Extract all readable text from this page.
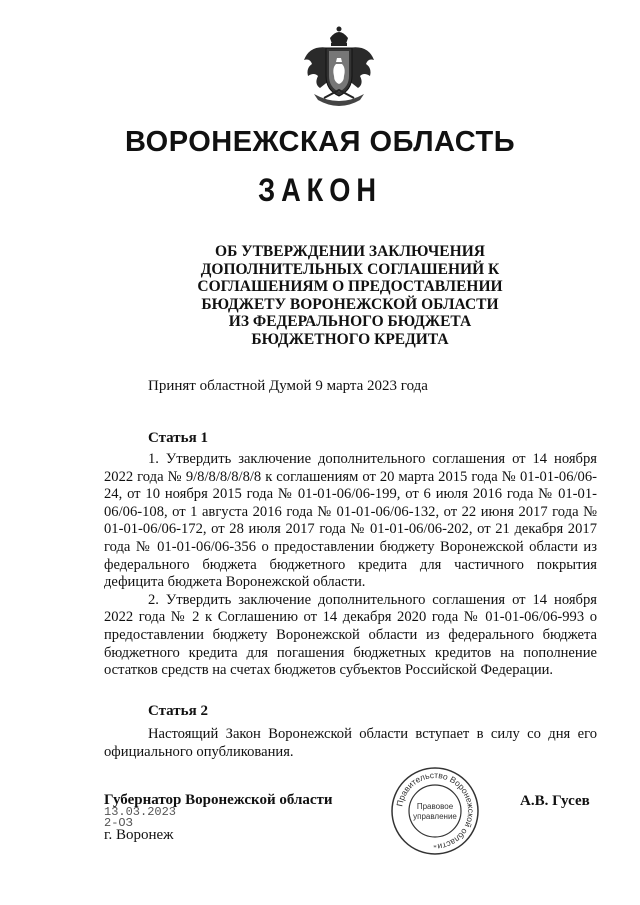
ВОРОНЕЖСКАЯ ОБЛАСТЬ
ЗАКОН
ОБ УТВЕРЖДЕНИИ ЗАКЛЮЧЕНИЯ
ДОПОЛНИТЕЛЬНЫХ СОГЛАШЕНИЙ К
СОГЛАШЕНИЯМ О ПРЕДОСТАВЛЕНИИ
БЮДЖЕТУ ВОРОНЕЖСКОЙ ОБЛАСТИ
ИЗ ФЕДЕРАЛЬНОГО БЮДЖЕТА
БЮДЖЕТНОГО КРЕДИТА
Принят областной Думой 9 марта 2023 года
Статья 1

1. Утвердить заключение дополнительного соглашения от 14 ноября 2022 года № 9/8/8/8/8/8/8 к соглашениям от 20 марта 2015 года № 01-01-06/06-24, от 10 ноября 2015 года № 01-01-06/06-199, от 6 июля 2016 года № 01-01-06/06-108, от 1 августа 2016 года № 01-01-06/06-132, от 22 июня 2017 года № 01-01-06/06-172, от 28 июля 2017 года № 01-01-06/06-202, от 21 декабря 2017 года № 01-01-06/06-356 о предоставлении бюджету Воронежской области из федерального бюджета бюджетного кредита для частичного покрытия дефицита бюджета Воронежской области.

2. Утвердить заключение дополнительного соглашения от 14 ноября 2022 года № 2 к Соглашению от 14 декабря 2020 года № 01-01-06/06-993 о предоставлении бюджету Воронежской области из федерального бюджета бюджетного кредита для погашения бюджетных кредитов на пополнение остатков средств на счетах бюджетов субъектов Российской Федерации.

Статья 2

Настоящий Закон Воронежской области вступает в силу со дня его официального опубликования.

Губернатор Воронежской области	А.В. Гусев
13.03.2023
2-ОЗ
г. Воронеж
Правительство Воронежской области
Правовое
управление
*
